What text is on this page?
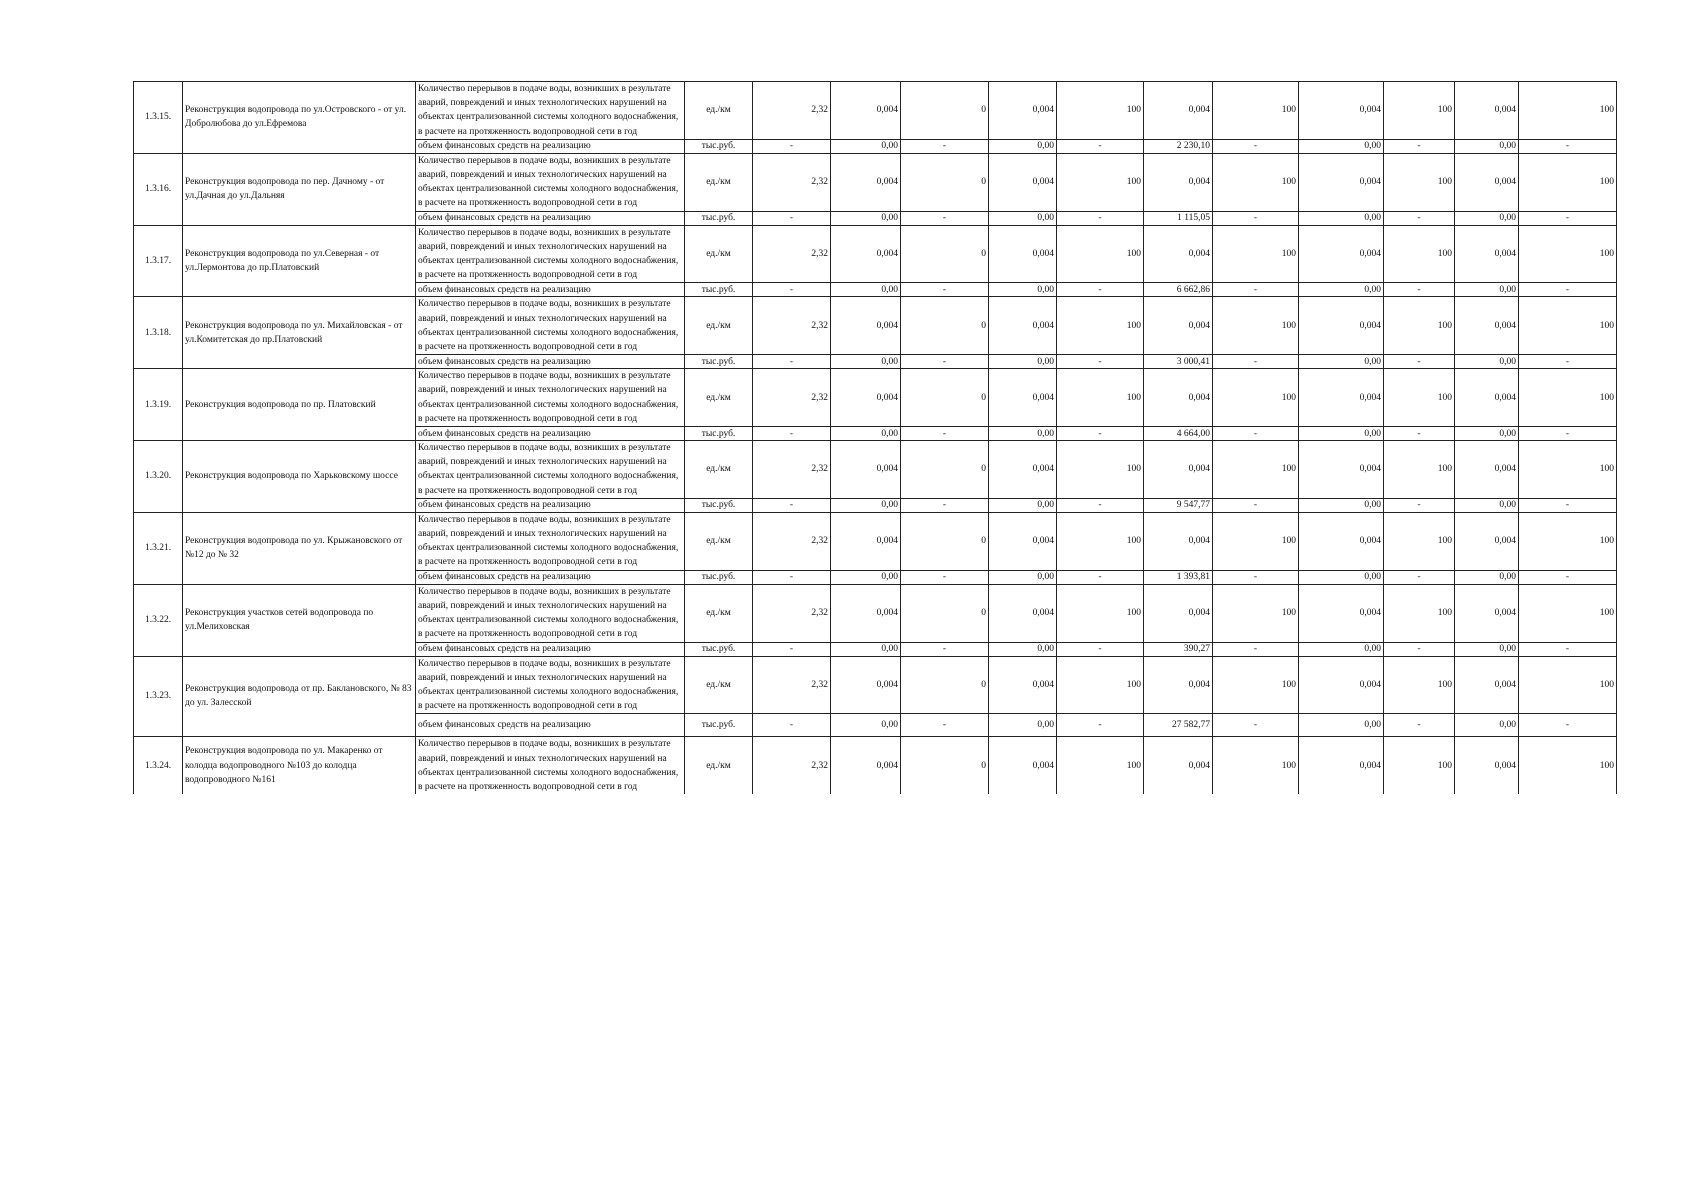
1.3.15.	Реконструкция водопровода по ул.Островского - от ул. Добролюбова до ул.Ефремова	Количество перерывов в подаче воды, возникших в результате аварий, повреждений и иных технологических нарушений на объектах централизованной системы холодного водоснабжения, в расчете на протяженность водопроводной сети в год	ед./км	2,32	0,004	0	0,004	100	0,004	100	0,004	100	0,004	100
		объем финансовых средств на реализацию	тыс.руб.	-	0,00	-	0,00	-	2 230,10	-	0,00	-	0,00	-
1.3.16.	Реконструкция водопровода по пер. Дачному - от ул.Дачная до ул.Дальняя	Количество перерывов в подаче воды, возникших в результате аварий, повреждений и иных технологических нарушений на объектах централизованной системы холодного водоснабжения, в расчете на протяженность водопроводной сети в год	ед./км	2,32	0,004	0	0,004	100	0,004	100	0,004	100	0,004	100
		объем финансовых средств на реализацию	тыс.руб.	-	0,00	-	0,00	-	1 115,05	-	0,00	-	0,00	-
1.3.17.	Реконструкция водопровода по ул.Северная - от ул.Лермонтова до пр.Платовский	Количество перерывов в подаче воды, возникших в результате аварий, повреждений и иных технологических нарушений на объектах централизованной системы холодного водоснабжения, в расчете на протяженность водопроводной сети в год	ед./км	2,32	0,004	0	0,004	100	0,004	100	0,004	100	0,004	100
		объем финансовых средств на реализацию	тыс.руб.	-	0,00	-	0,00	-	6 662,86	-	0,00	-	0,00	-
1.3.18.	Реконструкция водопровода по ул. Михайловская - от ул.Комитетская до пр.Платовский	Количество перерывов в подаче воды, возникших в результате аварий, повреждений и иных технологических нарушений на объектах централизованной системы холодного водоснабжения, в расчете на протяженность водопроводной сети в год	ед./км	2,32	0,004	0	0,004	100	0,004	100	0,004	100	0,004	100
		объем финансовых средств на реализацию	тыс.руб.	-	0,00	-	0,00	-	3 000,41	-	0,00	-	0,00	-
1.3.19.	Реконструкция водопровода по пр. Платовский	Количество перерывов в подаче воды, возникших в результате аварий, повреждений и иных технологических нарушений на объектах централизованной системы холодного водоснабжения, в расчете на протяженность водопроводной сети в год	ед./км	2,32	0,004	0	0,004	100	0,004	100	0,004	100	0,004	100
		объем финансовых средств на реализацию	тыс.руб.	-	0,00	-	0,00	-	4 664,00	-	0,00	-	0,00	-
1.3.20.	Реконструкция водопровода по Харьковскому шоссе	Количество перерывов в подаче воды, возникших в результате аварий, повреждений и иных технологических нарушений на объектах централизованной системы холодного водоснабжения, в расчете на протяженность водопроводной сети в год	ед./км	2,32	0,004	0	0,004	100	0,004	100	0,004	100	0,004	100
		объем финансовых средств на реализацию	тыс.руб.	-	0,00	-	0,00	-	9 547,77	-	0,00	-	0,00	-
1.3.21.	Реконструкция водопровода по ул. Крыжановского от №12 до № 32	Количество перерывов в подаче воды, возникших в результате аварий, повреждений и иных технологических нарушений на объектах централизованной системы холодного водоснабжения, в расчете на протяженность водопроводной сети в год	ед./км	2,32	0,004	0	0,004	100	0,004	100	0,004	100	0,004	100
		объем финансовых средств на реализацию	тыс.руб.	-	0,00	-	0,00	-	1 393,81	-	0,00	-	0,00	-
1.3.22.	Реконструкция участков сетей водопровода по ул.Мелиховская	Количество перерывов в подаче воды, возникших в результате аварий, повреждений и иных технологических нарушений на объектах централизованной системы холодного водоснабжения, в расчете на протяженность водопроводной сети в год	ед./км	2,32	0,004	0	0,004	100	0,004	100	0,004	100	0,004	100
		объем финансовых средств на реализацию	тыс.руб.	-	0,00	-	0,00	-	390,27	-	0,00	-	0,00	-
1.3.23.	Реконструкция водопровода от пр. Баклановского, № 83 до ул. Залесской	Количество перерывов в подаче воды, возникших в результате аварий, повреждений и иных технологических нарушений на объектах централизованной системы холодного водоснабжения, в расчете на протяженность водопроводной сети в год	ед./км	2,32	0,004	0	0,004	100	0,004	100	0,004	100	0,004	100
		объем финансовых средств на реализацию	тыс.руб.	-	0,00	-	0,00	-	27 582,77	-	0,00	-	0,00	-
1.3.24.	Реконструкция водопровода по ул. Макаренко от колодца водопроводного №103 до колодца водопроводного №161	Количество перерывов в подаче воды, возникших в результате аварий, повреждений и иных технологических нарушений на объектах централизованной системы холодного водоснабжения, в расчете на протяженность водопроводной сети в год	ед./км	2,32	0,004	0	0,004	100	0,004	100	0,004	100	0,004	100
